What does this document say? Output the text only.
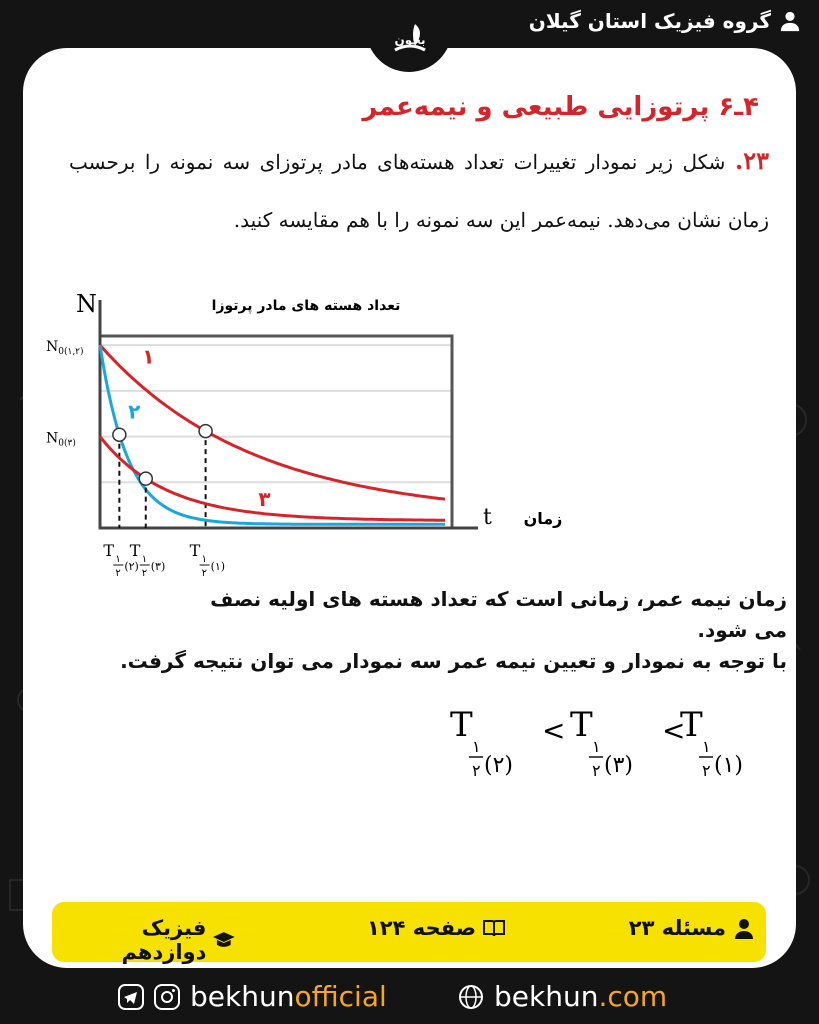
گروه فیزیک استان گیلان
بخون
۴ـ۶ پرتوزایی طبیعی و نیمه‌عمر
۲۳. شکل زیر نمودار تغییرات تعداد هسته‌های مادر پرتوزای سه نمونه را برحسب زمان نشان می‌دهد. نیمه‌عمر این سه نمونه را با هم مقایسه کنید.
N	تعداد هسته های مادر پرتوزا
t زمان
۱
۲
۳
$N_{0(۱,۲)}$
$N_{0(۳)}$
T ۱
۲
(۲)
T ۱
۲
(۳)
T ۱
۲
(۱)

زمان نیمه عمر، زمانی است که تعداد هسته های اولیه نصف

می شود.

با توجه به نمودار و تعیین نیمه عمر سه نمودار می توان نتیجه گرفت.

T
۱
۲ (۲)
< T
۱
۲ (۳)
<
T
۱
۲ (۱)
مسئله ۲۳
صفحه ۱۲۴
فیزیک دوازدهم
bekhunofficial	bekhun.com
